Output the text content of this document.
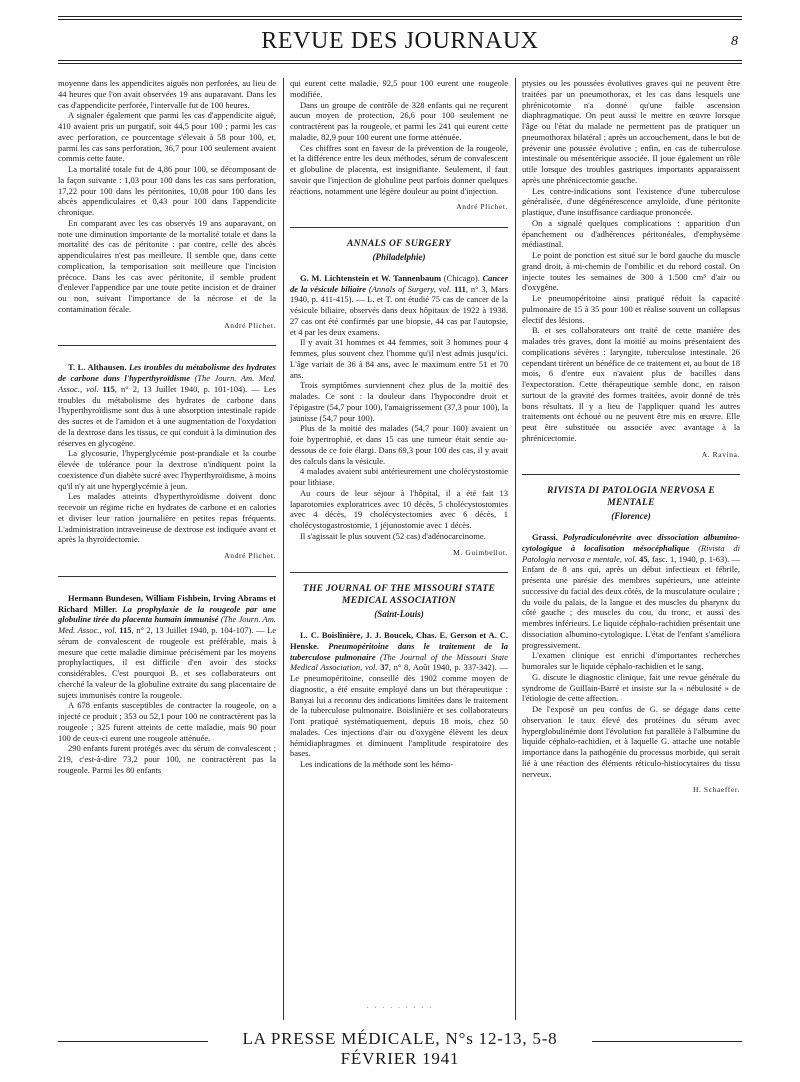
REVUE DES JOURNAUX	8

moyenne dans les appendicites aiguës non perforées, au lieu de 44 heures que l'on avait observées 19 ans auparavant. Dans les cas d'appendicite perforée, l'intervalle fut de 100 heures.

A signaler également que parmi les cas d'appendicite aiguë, 410 avaient pris un purgatif, soit 44,5 pour 100 ; parmi les cas avec perforation, ce pourcentage s'élevait à 58 pour 100, et, parmi les cas sans perforation, 36,7 pour 100 seulement avaient commis cette faute.

La mortalité totale fut de 4,86 pour 100, se décomposant de la façon suivante : 1,03 pour 100 dans les cas sans perforation, 17,22 pour 100 dans les péritonites, 10,08 pour 100 dans les abcès appendiculaires et 0,43 pour 100 dans l'appendicite chronique.

En comparant avec les cas observés 19 ans auparavant, on note une diminution importante de la mortalité totale et dans la mortalité des cas de péritonite : par contre, celle des abcès appendiculaires n'est pas meilleure. Il semble que, dans cette complication, la temporisation soit meilleure que l'incision précoce. Dans les cas avec péritonite, il semble prudent d'enlever l'appendice par une toute petite incision et de drainer ou non, suivant l'importance de la nécrose et de la contamination fécale.

André Plichet.

T. L. Althausen. Les troubles du métabolisme des hydrates de carbone dans l'hyperthyroïdisme (The Journ. Am. Med. Assoc., vol. 115, n° 2, 13 Juillet 1940, p. 101-104). — Les troubles du métabolisme des hydrates de carbone dans l'hyperthyroïdisme sont dus à une absorption intestinale rapide des sucres et de l'amidon et à une augmentation de l'oxydation de la dextrose dans les tissus, ce qui conduit à la diminution des réserves en glycogène.

La glycosurie, l'hyperglycémie post-prandiale et la courbe élevée de tolérance pour la dextrose n'indiquent point la coexistence d'un diabète sucré avec l'hyperthyroïdisme, à moins qu'il n'y ait une hyperglycémie à jeun.

Les malades atteints d'hyperthyroïdisme doivent donc recevoir un régime riche en hydrates de carbone et en calories et diviser leur ration journalière en petites repas fréquents. L'administration intraveineuse de dextrose est indiquée avant et après la thyroïdectomie.

André Plichet.

Hermann Bundesen, William Fishbein, Irving Abrams et Richard Miller. La prophylaxie de la rougeole par une globuline tirée du placenta humain immunisé (The Journ. Am. Med. Assoc., vol. 115, n° 2, 13 Juillet 1940, p. 104-107). — Le sérum de convalescent de rougeole est préférable, mais à mesure que cette maladie diminue précisément par les moyens prophylactiques, il est difficile d'en avoir des stocks considérables. C'est pourquoi B. et ses collaborateurs ont cherché la valeur de la globuline extraite du sang placentaire de sujets immunisés contre la rougeole.

A 678 enfants susceptibles de contracter la rougeole, on a injecté ce produit ; 353 ou 52,1 pour 100 ne contractèrent pas la rougeole ; 325 furent atteints de cette maladie, mais 90 pour 100 de ceux-ci eurent une rougeole atténuée.

290 enfants furent protégés avec du sérum de convalescent ; 219, c'est-à-dire 73,2 pour 100, ne contractèrent pas la rougeole. Parmi les 80 enfants

qui eurent cette maladie, 92,5 pour 100 eurent une rougeole modifiée.

Dans un groupe de contrôle de 328 enfants qui ne reçurent aucun moyen de protection, 26,6 pour 100 seulement ne contractèrent pas la rougeole, et parmi les 241 qui eurent cette maladie, 82,9 pour 100 eurent une forme atténuée.

Ces chiffres sont en faveur de la prévention de la rougeole, et la différence entre les deux méthodes, sérum de convalescent et globuline de placenta, est insignifiante. Seulement, il faut savoir que l'injection de globuline peut parfois donner quelques réactions, notamment une légère douleur au point d'injection.

André Plichet.

ANNALS OF SURGERY

(Philadelphie)

G. M. Lichtenstein et W. Tannenbaum (Chicago). Cancer de la vésicule biliaire (Annals of Surgery, vol. 111, n° 3, Mars 1940, p. 411-415). — L. et T. ont étudié 75 cas de cancer de la vésicule biliaire, observés dans deux hôpitaux de 1922 à 1938. 27 cas ont été confirmés par une biopsie, 44 cas par l'autopsie, et 4 par les deux examens.

Il y avait 31 hommes et 44 femmes, soit 3 hommes pour 4 femmes, plus souvent chez l'homme qu'il n'est admis jusqu'ici. L'âge variait de 36 à 84 ans, avec le maximum entre 51 et 70 ans.

Trois symptômes surviennent chez plus de la moitié des malades. Ce sont : la douleur dans l'hypocondre droit et l'épigastre (54,7 pour 100), l'amaigrissement (37,3 pour 100), la jaunisse (54,7 pour 100).

Plus de la moitié des malades (54,7 pour 100) avaient un foie hypertrophié, et dans 15 cas une tumeur était sentie au-dessous de ce foie élargi. Dans 69,3 pour 100 des cas, il y avait des calculs dans la vésicule.

4 malades avaient subi antérieurement une cholécystostomie pour lithiase.

Au cours de leur séjour à l'hôpital, il a été fait 13 laparotomies exploratrices avec 10 décès, 5 cholécystostomies avec 4 décès, 19 cholécystectomies avec 6 décès, 1 cholécystogastrostomie, 1 jéjunostomie avec 1 décès.

Il s'agissait le plus souvent (52 cas) d'adénocarcinome.

M. Guimbellot.

THE JOURNAL OF THE MISSOURI STATE MEDICAL ASSOCIATION

(Saint-Louis)

L. C. Boislinière, J. J. Boucek, Chas. E. Gerson et A. C. Henske. Pneumopéritoine dans le traitement de la tuberculose pulmonaire (The Journal of the Missouri State Medical Association, vol. 37, n° 8, Août 1940, p. 337-342). — Le pneumopéritoine, conseillé dès 1902 comme moyen de diagnostic, a été ensuite employé dans un but thérapeutique : Banyai lui a reconnu des indications limitées dans le traitement de la tuberculose pulmonaire. Boislinière et ses collaborateurs l'ont pratiqué systématiquement, depuis 18 mois, chez 50 malades. Ces injections d'air ou d'oxygène élèvent les deux hémidiaphragmes et diminuent l'amplitude respiratoire des bases.

Les indications de la méthode sont les hémo-

ptysies ou les poussées évolutives graves qui ne peuvent être traitées par un pneumothorax, et les cas dans lesquels une phrénicotomie n'a donné qu'une faible ascension diaphragmatique. On peut aussi le mettre en œuvre lorsque l'âge ou l'état du malade ne permettent pas de pratiquer un pneumothorax bilatéral ; après un accouchement, dans le but de prévenir une poussée évolutive ; enfin, en cas de tuberculose intestinale ou mésentérique associée. Il joue également un rôle utile lorsque des troubles gastriques importants apparaissent après une phrénicectomie gauche.

Les contre-indications sont l'existence d'une tuberculose généralisée, d'une dégénérescence amyloïde, d'une péritonite plastique, d'une insuffisance cardiaque prononcée.

On a signalé quelques complications : apparition d'un épanchement ou d'adhérences péritonéales, d'emphysème médiastinal.

Le point de ponction est situé sur le bord gauche du muscle grand droit, à mi-chemin de l'ombilic et du rebord costal. On injecte toutes les semaines de 300 à 1.500 cm³ d'air ou d'oxygène.

Le pneumopéritoine ainsi pratiqué réduit la capacité pulmonaire de 15 à 35 pour 100 et réalise souvent un collapsus électif des lésions.

B. et ses collaborateurs ont traité de cette manière des malades très graves, dont la moitié au moins présentaient des complications sévères : laryngite, tuberculose intestinale. 26 cependant tirèrent un bénéfice de ce traitement et, au bout de 18 mois, 6 d'entre eux n'avaient plus de bacilles dans l'expectoration. Cette thérapeutique semble donc, en raison surtout de la gravité des formes traitées, avoir donné de très bons résultats. Il y a lieu de l'appliquer quand les autres traitements ont échoué ou ne peuvent être mis en œuvre. Elle peut être substituée ou associée avec avantage à la phrénicectomie.

A. Ravina.

RIVISTA DI PATOLOGIA NERVOSA E MENTALE

(Florence)

Grassi. Polyradiculonévrite avec dissociation albumino-cytologique à localisation mésocéphalique (Rivista di Patologia nervosa e mentale, vol. 45, fasc. 1, 1940, p. 1-63). — Enfant de 8 ans qui, après un début infectieux et fébrile, présenta une parésie des membres supérieurs, une atteinte successive du facial des deux côtés, de la musculature oculaire ; du voile du palais, de la langue et des muscles du pharynx du côté gauche ; des muscles du cou, du tronc, et aussi des membres inférieurs. Le liquide céphalo-rachidien présentait une dissociation albumino-cytologique. L'état de l'enfant s'améliora progressivement.

L'examen clinique est enrichi d'importantes recherches humorales sur le liquide céphalo-rachidien et le sang.

G. discute le diagnostic clinique, fait une revue générale du syndrome de Guillain-Barré et insiste sur la « nébulosité » de l'étiologie de cette affection.

De l'exposé un peu confus de G. se dégage dans cette observation le taux élevé des protéines du sérum avec hyperglobulinémie dont l'évolution fut parallèle à l'albumine du liquide céphalo-rachidien, et à laquelle G. attache une notable importance dans la pathogénie du processus morbide, qui serait lié à une réaction des éléments réticulo-histiocytaires du tissu nerveux.

H. Schaeffer.

· · · · · · · · ·
LA PRESSE MÉDICALE, N°s 12-13, 5-8 FÉVRIER 1941
